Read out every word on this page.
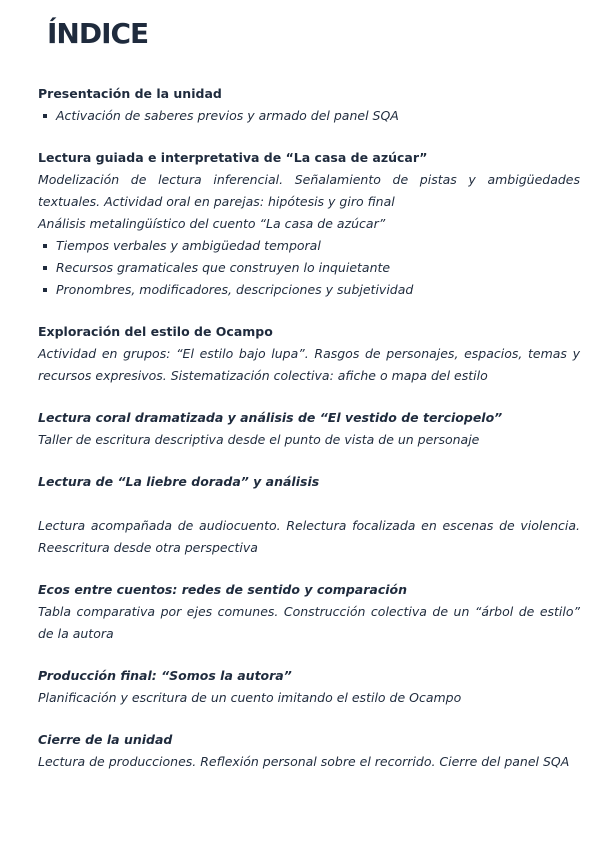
ÍNDICE

Presentación de la unidad

Activación de saberes previos y armado del panel SQA

Lectura guiada e interpretativa de “La casa de azúcar”

Modelización de lectura inferencial. Señalamiento de pistas y ambigüedades textuales. Actividad oral en parejas: hipótesis y giro final

Análisis metalingüístico del cuento “La casa de azúcar”

Tiempos verbales y ambigüedad temporal
Recursos gramaticales que construyen lo inquietante
Pronombres, modificadores, descripciones y subjetividad

Exploración del estilo de Ocampo

Actividad en grupos: “El estilo bajo lupa”. Rasgos de personajes, espacios, temas y recursos expresivos. Sistematización colectiva: afiche o mapa del estilo

Lectura coral dramatizada y análisis de “El vestido de terciopelo”

Taller de escritura descriptiva desde el punto de vista de un personaje

Lectura de “La liebre dorada” y análisis

Lectura acompañada de audiocuento. Relectura focalizada en escenas de violencia. Reescritura desde otra perspectiva

Ecos entre cuentos: redes de sentido y comparación

Tabla comparativa por ejes comunes. Construcción colectiva de un “árbol de estilo” de la autora

Producción final: “Somos la autora”

Planificación y escritura de un cuento imitando el estilo de Ocampo

Cierre de la unidad

Lectura de producciones. Reflexión personal sobre el recorrido. Cierre del panel SQA
